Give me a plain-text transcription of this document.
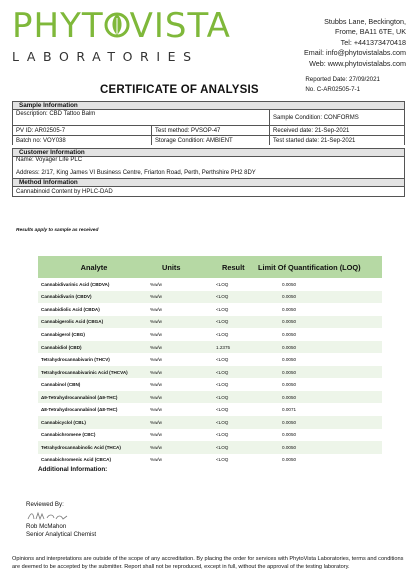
PHYT VISTA
LABORATORIES
Stubbs Lane, Beckington,
Frome, BA11 6TE, UK
Tel: +441373470418
Email: info@phytovistalabs.com
Web: www.phytovistalabs.com
Reported Date: 27/09/2021
No. C-AR02505-7-1
CERTIFICATE OF ANALYSIS
Sample Information
Description: CBD Tattoo Balm
Sample Condition: CONFORMS
PV ID: AR02505-7	Test method: PVSOP-47	Received date: 21-Sep-2021
Batch no: VOY038	Storage Condition: AMBIENT	Test started date: 21-Sep-2021
Customer Information
Name: Voyager Life PLC
Address: 2/17, King James VI Business Centre, Friarton Road, Perth, Perthshire PH2 8DY
Method Information
Cannabinoid Content by HPLC-DAD
Results apply to sample as received
Analyte	Units	Result	Limit Of Quantification (LOQ)
Cannabidivarinic Acid (CBDVA)	%w/w	<LOQ	0.0050
Cannabidivarin (CBDV)	%w/w	<LOQ	0.0050
Cannabidiolic Acid (CBDA)	%w/w	<LOQ	0.0050
Cannabigerolic Acid (CBGA)	%w/w	<LOQ	0.0050
Cannabigerol (CBG)	%w/w	<LOQ	0.0050
Cannabidiol (CBD)	%w/w	1.2375	0.0050
Tetrahydrocannabivarin (THCV)	%w/w	<LOQ	0.0050
Tetrahydrocannabivarinic Acid (THCVA)	%w/w	<LOQ	0.0050
Cannabinol (CBN)	%w/w	<LOQ	0.0050
Δ9-Tetrahydrocannabinol (Δ9-THC)	%w/w	<LOQ	0.0050
Δ8-Tetrahydrocannabinol (Δ8-THC)	%w/w	<LOQ	0.0071
Cannabicyclol (CBL)	%w/w	<LOQ	0.0050
Cannabichromene (CBC)	%w/w	<LOQ	0.0050
Tetrahydrocannabinolic Acid (THCA)	%w/w	<LOQ	0.0050
Cannabichromenic Acid (CBCA)	%w/w	<LOQ	0.0050
Additional Information:
Reviewed By:
Rob McMahon
Senior Analytical Chemist
Opinions and interpretations are outside of the scope of any accreditation. By placing the order for services with PhytoVista Laboratories, terms and conditions are deemed to be accepted by the submitter. Report shall not be reproduced, except in full, without the approval of the testing laboratory.
